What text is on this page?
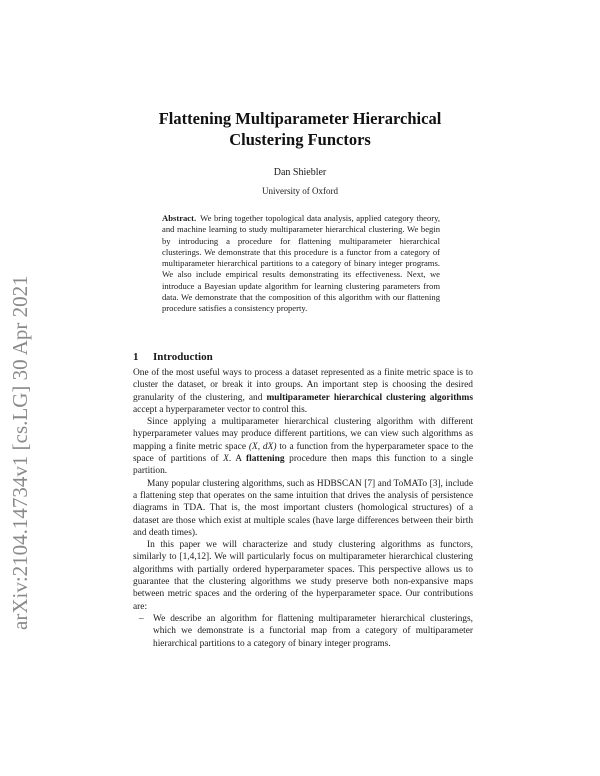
arXiv:2104.14734v1 [cs.LG] 30 Apr 2021
Flattening Multiparameter Hierarchical Clustering Functors
Dan Shiebler
University of Oxford
Abstract. We bring together topological data analysis, applied category theory, and machine learning to study multiparameter hierarchical clustering. We begin by introducing a procedure for flattening multiparameter hierarchical clusterings. We demonstrate that this procedure is a functor from a category of multiparameter hierarchical partitions to a category of binary integer programs. We also include empirical results demonstrating its effectiveness. Next, we introduce a Bayesian update algorithm for learning clustering parameters from data. We demonstrate that the composition of this algorithm with our flattening procedure satisfies a consistency property.
1 Introduction

One of the most useful ways to process a dataset represented as a finite metric space is to cluster the dataset, or break it into groups. An important step is choosing the desired granularity of the clustering, and multiparameter hierarchical clustering algorithms accept a hyperparameter vector to control this.

Since applying a multiparameter hierarchical clustering algorithm with different hyperparameter values may produce different partitions, we can view such algorithms as mapping a finite metric space (X, dX) to a function from the hyperparameter space to the space of partitions of X. A flattening procedure then maps this function to a single partition.

Many popular clustering algorithms, such as HDBSCAN [7] and ToMATo [3], include a flattening step that operates on the same intuition that drives the analysis of persistence diagrams in TDA. That is, the most important clusters (homological structures) of a dataset are those which exist at multiple scales (have large differences between their birth and death times).

In this paper we will characterize and study clustering algorithms as functors, similarly to [1,4,12]. We will particularly focus on multiparameter hierarchical clustering algorithms with partially ordered hyperparameter spaces. This perspective allows us to guarantee that the clustering algorithms we study preserve both non-expansive maps between metric spaces and the ordering of the hyperparameter space. Our contributions are:

– We describe an algorithm for flattening multiparameter hierarchical clusterings, which we demonstrate is a functorial map from a category of multiparameter hierarchical partitions to a category of binary integer programs.
